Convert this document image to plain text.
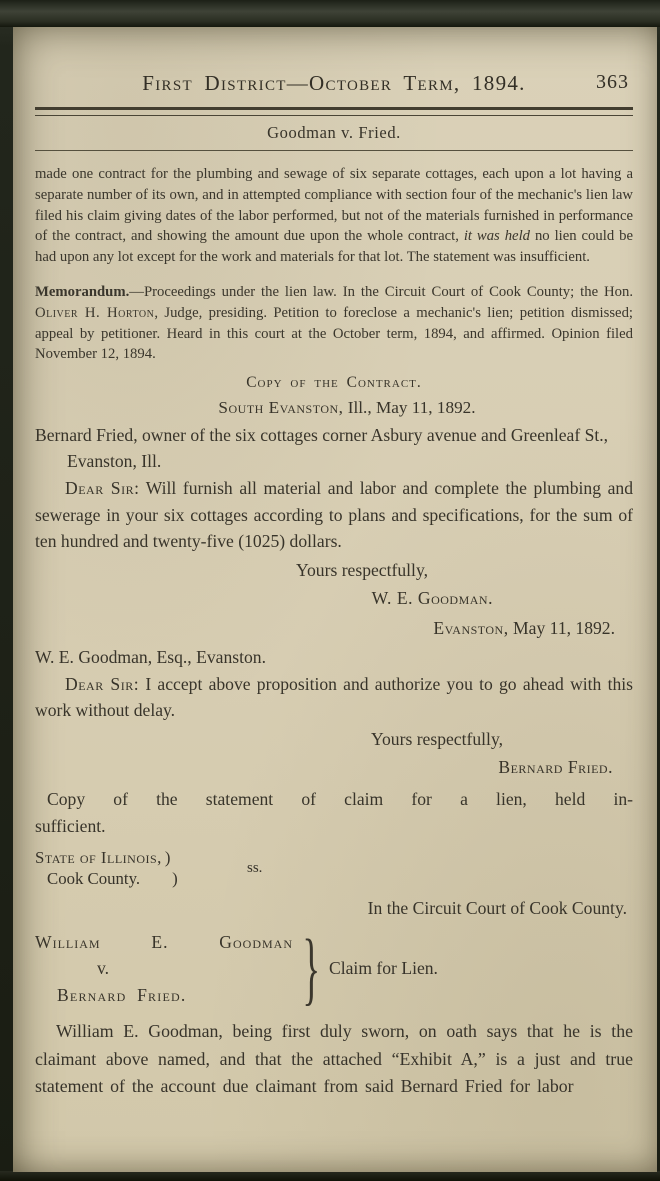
First District—October Term, 1894.	363
Goodman v. Fried.

made one contract for the plumbing and sewage of six separate cottages, each upon a lot having a separate number of its own, and in attempted compliance with section four of the mechanic's lien law filed his claim giving dates of the labor performed, but not of the materials furnished in performance of the contract, and showing the amount due upon the whole contract, it was held no lien could be had upon any lot except for the work and materials for that lot. The statement was insufficient.

Memorandum.—Proceedings under the lien law. In the Circuit Court of Cook County; the Hon. Oliver H. Horton, Judge, presiding. Petition to foreclose a mechanic's lien; petition dismissed; appeal by petitioner. Heard in this court at the October term, 1894, and affirmed. Opinion filed November 12, 1894.

Copy of the Contract.
South Evanston, Ill., May 11, 1892.

Bernard Fried, owner of the six cottages corner Asbury avenue and Greenleaf St., Evanston, Ill.

Dear Sir: Will furnish all material and labor and complete the plumbing and sewerage in your six cottages according to plans and specifications, for the sum of ten hundred and twenty-five (1025) dollars.

Yours respectfully,
W. E. Goodman.
Evanston, May 11, 1892.

W. E. Goodman, Esq., Evanston.

Dear Sir: I accept above proposition and authorize you to go ahead with this work without delay.

Yours respectfully,
Bernard Fried.
Copy of the statement of claim for a lien, held in-
sufficient.
State of Illinois, )
Cook County. )
ss.
In the Circuit Court of Cook County.
William E. Goodman
v.
Bernard Fried.	} Claim for Lien.

William E. Goodman, being first duly sworn, on oath says that he is the claimant above named, and that the attached “Exhibit A,” is a just and true statement of the account due claimant from said Bernard Fried for labor
